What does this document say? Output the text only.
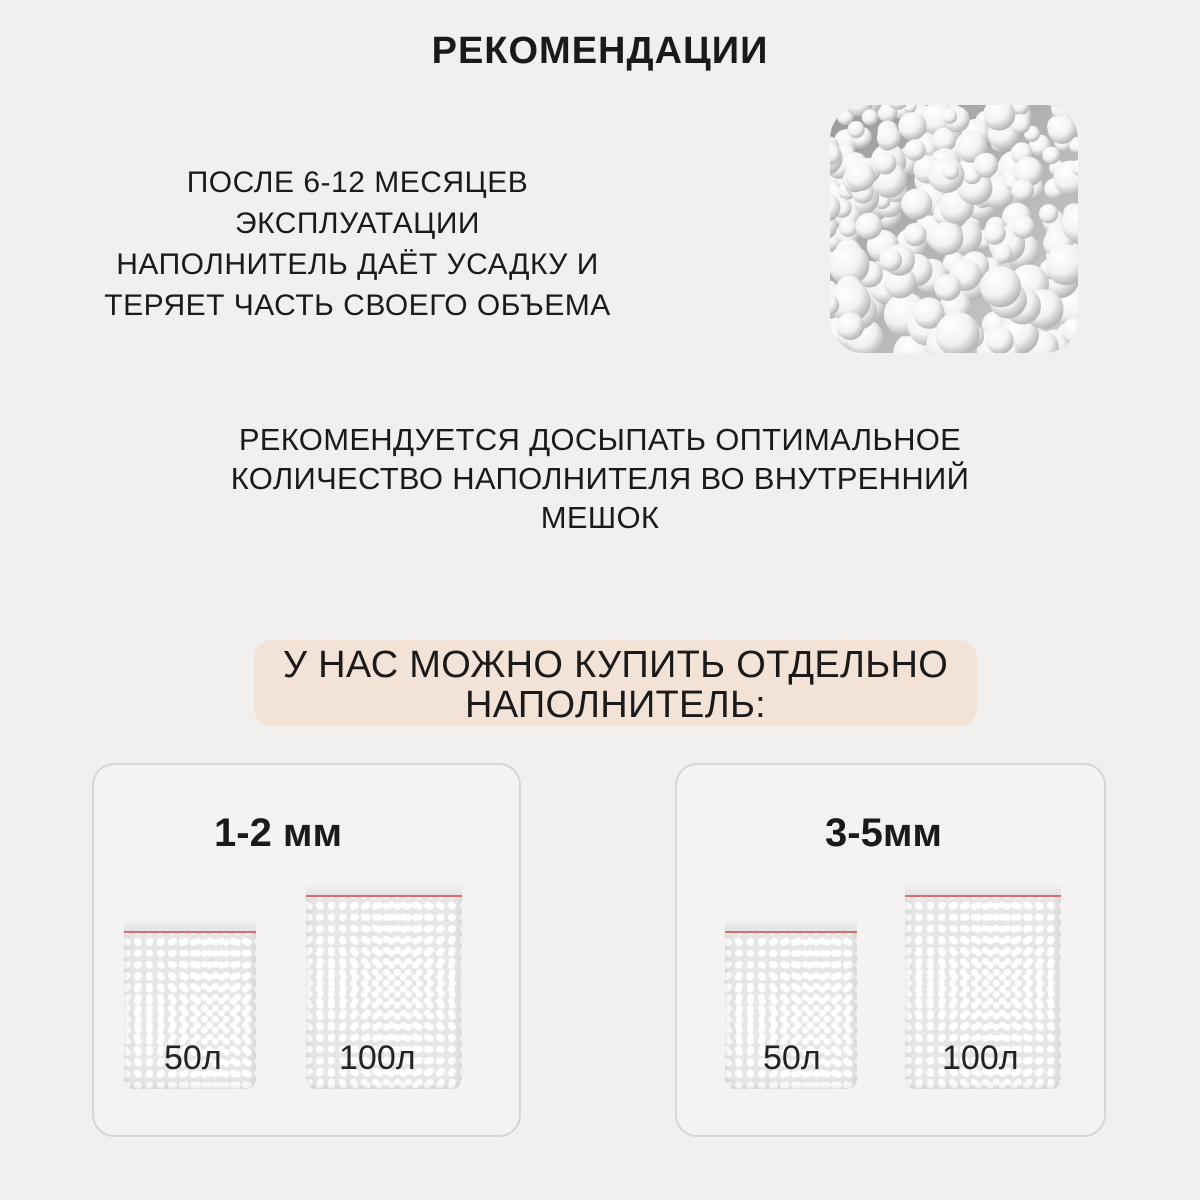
РЕКОМЕНДАЦИИ
ПОСЛЕ 6-12 МЕСЯЦЕВ
ЭКСПЛУАТАЦИИ
НАПОЛНИТЕЛЬ ДАЁТ УСАДКУ И
ТЕРЯЕТ ЧАСТЬ СВОЕГО ОБЪЕМА
РЕКОМЕНДУЕТСЯ ДОСЫПАТЬ ОПТИМАЛЬНОЕ
КОЛИЧЕСТВО НАПОЛНИТЕЛЯ ВО ВНУТРЕННИЙ
МЕШОК
У НАС МОЖНО КУПИТЬ ОТДЕЛЬНО
НАПОЛНИТЕЛЬ:
1-2 мм
50л	100л
3-5мм
50л	100л
